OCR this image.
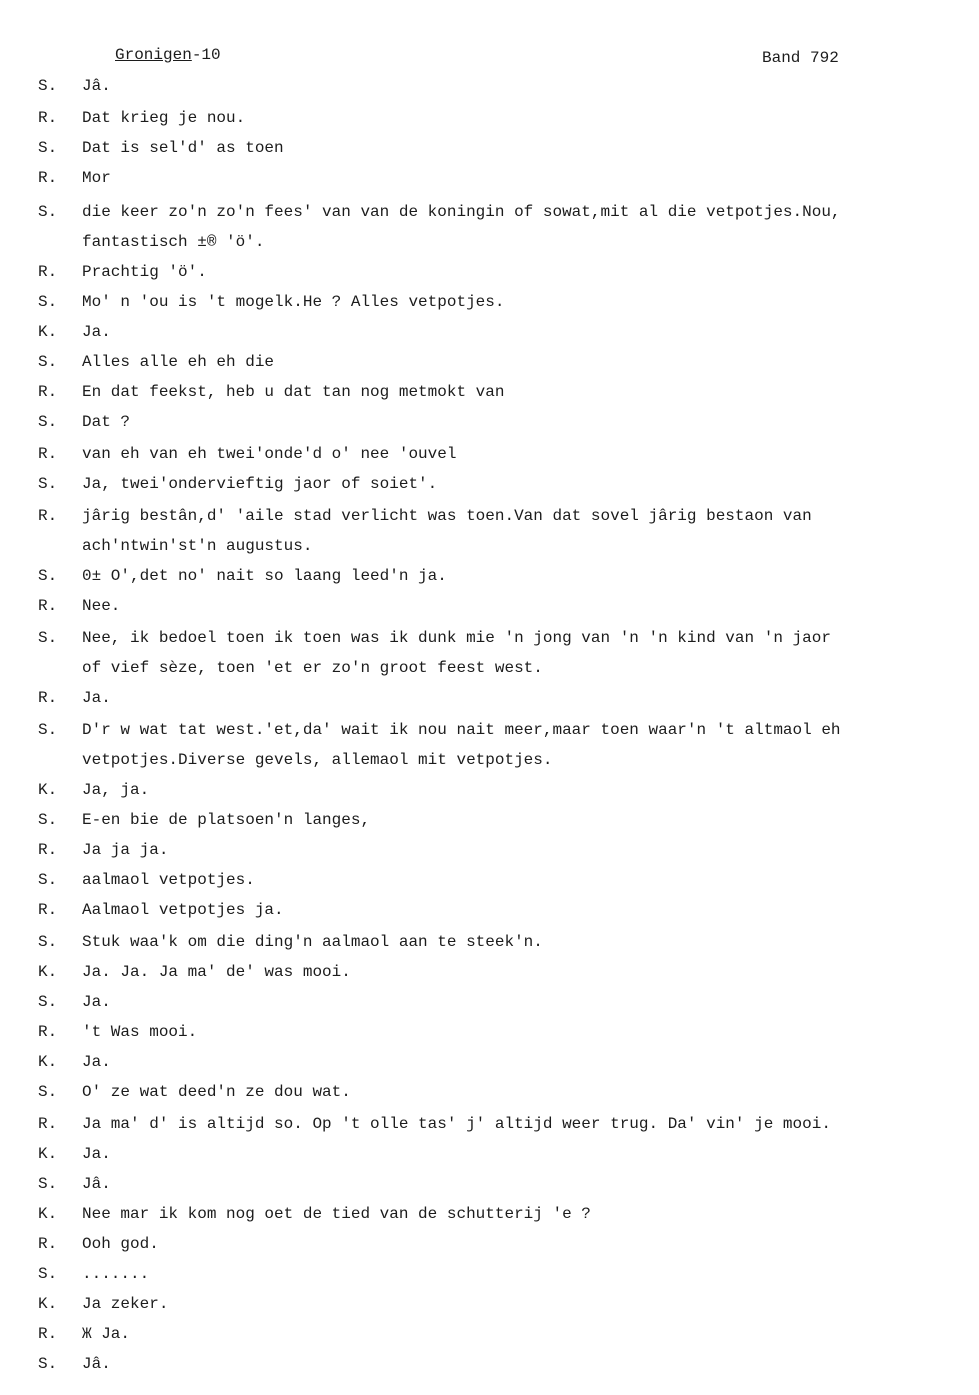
Gronigen-10	Band 792
S.	Jâ.
R.	Dat krieg je nou.
S.	Dat is sel'd' as toen
R.	Mor
S.	die keer zo'n zo'n fees' van van de koningin of sowat,mit al die vetpotjes.Nou,
fantastisch ±® 'ö'.
R.	Prachtig 'ö'.
S.	Mo' n 'ou is 't mogelk.He ? Alles vetpotjes.
K.	Ja.
S.	Alles alle eh eh die
R.	En dat feekst, heb u dat tan nog metmokt van
S.	Dat ?
R.	van eh van eh twei'onde'd o' nee 'ouvel
S.	Ja, twei'ondervieftig jaor of soiet'.
R.	jârig bestân,d' 'aile stad verlicht was toen.Van dat sovel jârig bestaon van
ach'ntwin'st'n augustus.
S.	0± O',det no' nait so laang leed'n ja.
R.	Nee.
S.	Nee, ik bedoel toen ik toen was ik dunk mie 'n jong van 'n 'n kind van 'n jaor
of vief sèze, toen 'et er zo'n groot feest west.
R.	Ja.
S.	D'r w wat tat west.'et,da' wait ik nou nait meer,maar toen waar'n 't altmaol eh
vetpotjes.Diverse gevels, allemaol mit vetpotjes.
K.	Ja, ja.
S.	E-en bie de platsoen'n langes,
R.	Ja ja ja.
S.	aalmaol vetpotjes.
R.	Aalmaol vetpotjes ja.
S.	Stuk waa'k om die ding'n aalmaol aan te steek'n.
K.	Ja. Ja. Ja ma' de' was mooi.
S.	Ja.
R.	't Was mooi.
K.	Ja.
S.	O' ze wat deed'n ze dou wat.
R.	Ja ma' d' is altijd so. Op 't olle tas' j' altijd weer trug. Da' vin' je mooi.
K.	Ja.
S.	Jâ.
K.	Nee mar ik kom nog oet de tied van de schutterij 'e ?
R.	Ooh god.
S.	.......
K.	Ja zeker.
R.	Ж Ja.
S.	Jâ.
